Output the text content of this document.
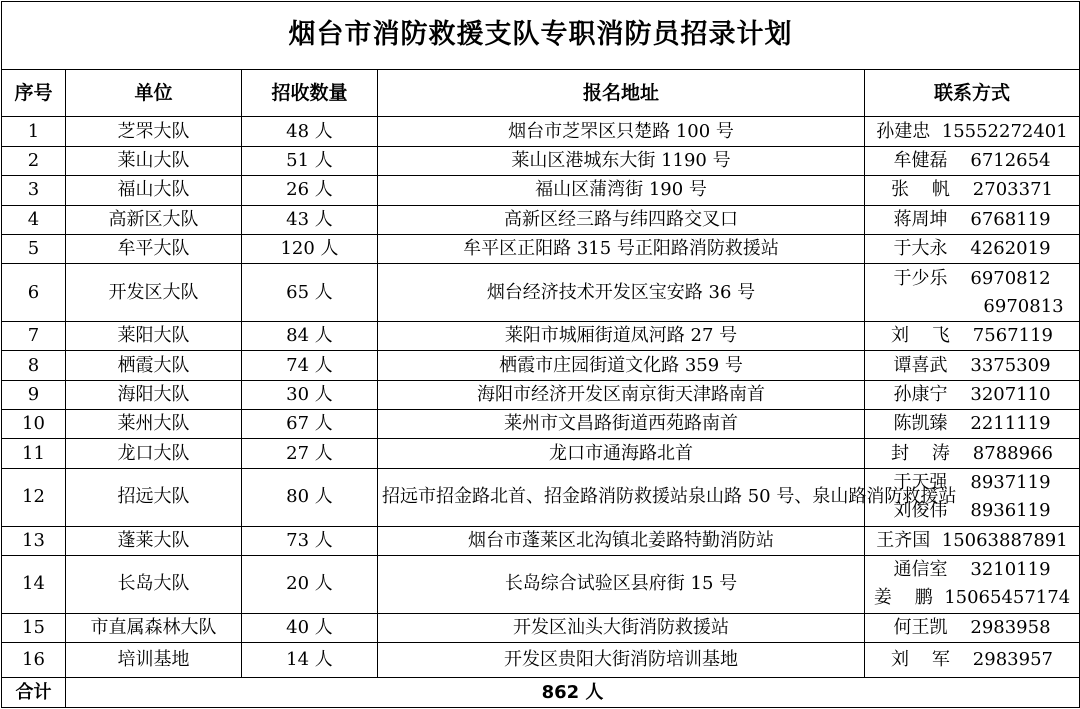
烟台市消防救援支队专职消防员招录计划				
序号	单位	招收数量	报名地址	联系方式
1	芝罘大队	48 人	烟台市芝罘区只楚路 100 号	孙建忠  15552272401

2	莱山大队	51 人	莱山区港城东大街 1190 号	牟健磊    6712654

3	福山大队	26 人	福山区蒲湾街 190 号	张    帆    2703371

4	高新区大队	43 人	高新区经三路与纬四路交叉口	蒋周坤    6768119

5	牟平大队	120 人	牟平区正阳路 315 号正阳路消防救援站	于大永    4262019

6	开发区大队	65 人	烟台经济技术开发区宝安路 36 号	于少乐    6970812
6970813

7	莱阳大队	84 人	莱阳市城厢街道凤河路 27 号	刘    飞    7567119

8	栖霞大队	74 人	栖霞市庄园街道文化路 359 号	谭喜武    3375309

9	海阳大队	30 人	海阳市经济开发区南京街天津路南首	孙康宁    3207110

10	莱州大队	67 人	莱州市文昌路街道西苑路南首	陈凯臻    2211119

11	龙口大队	27 人	龙口市通海路北首	封    涛    8788966

12	招远大队	80 人	招远市招金路北首、招金路消防救援站泉山路 50 号、泉山路消防救援站	于天强    8937119
刘俊伟    8936119

13	蓬莱大队	73 人	烟台市蓬莱区北沟镇北姜路特勤消防站	王齐国  15063887891

14	长岛大队	20 人	长岛综合试验区县府街 15 号	通信室    3210119
姜    鹏  15065457174

15	市直属森林大队	40 人	开发区汕头大街消防救援站	何王凯    2983958

16	培训基地	14 人	开发区贵阳大街消防培训基地	刘    军    2983957

合计	862 人			
